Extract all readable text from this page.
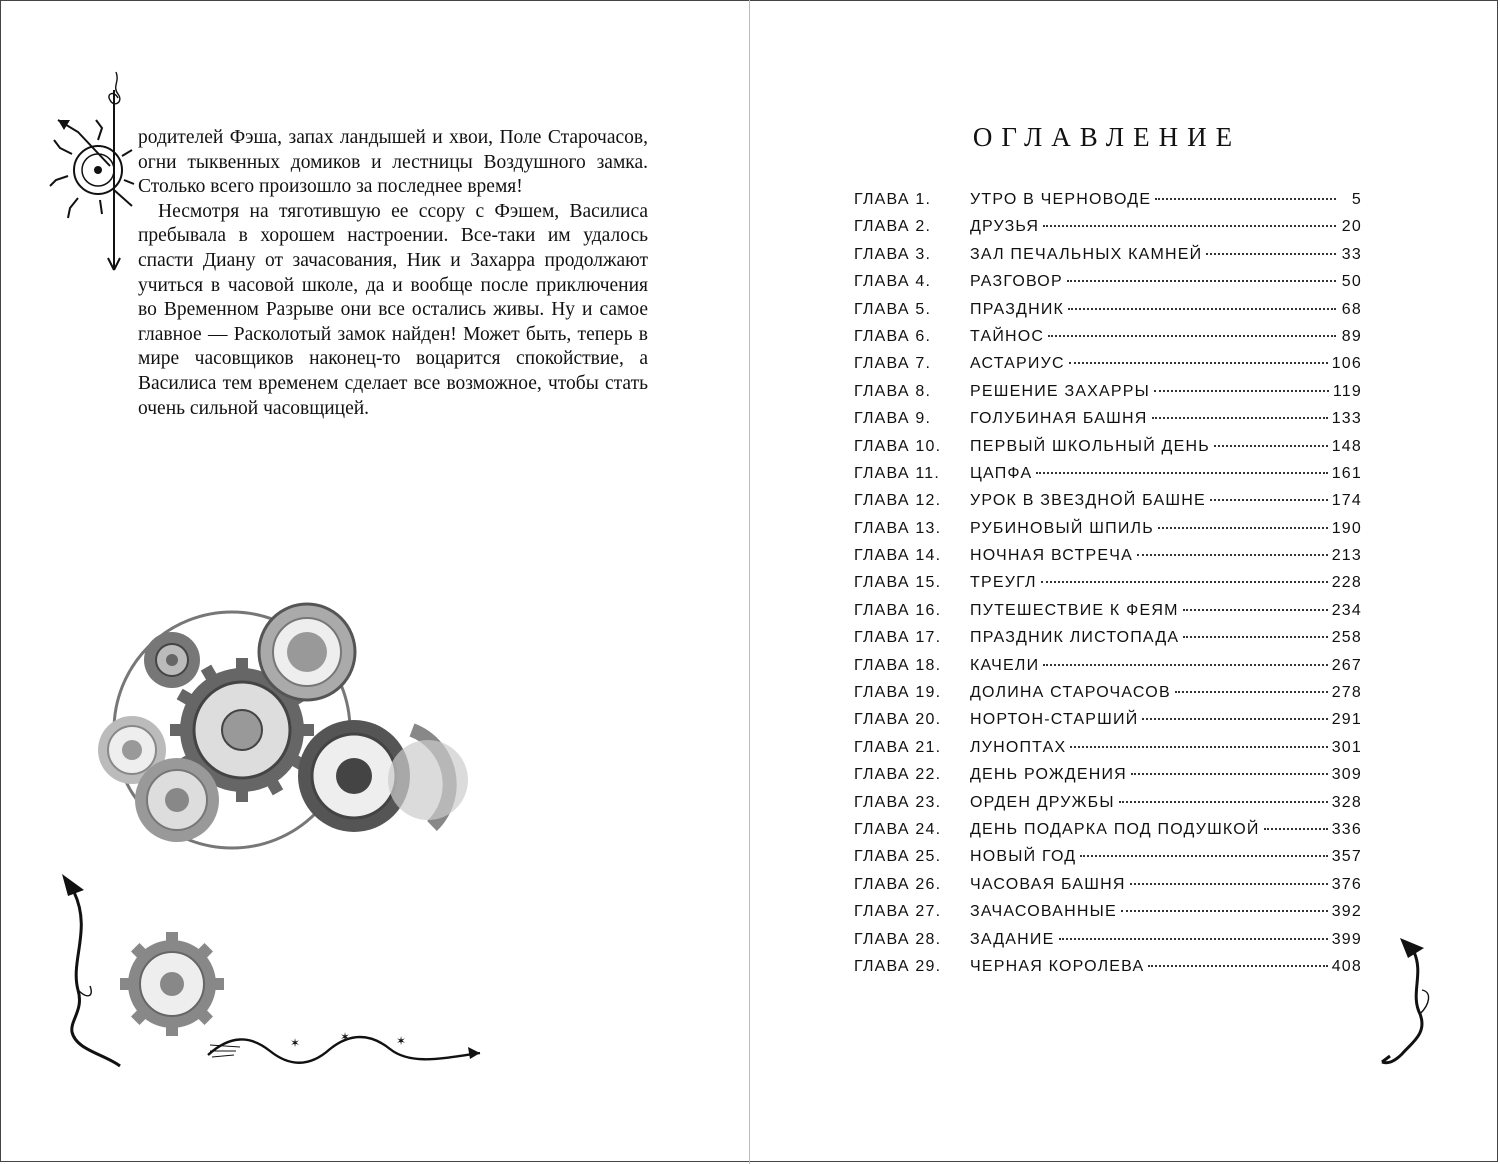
родителей Фэша, запах ландышей и хвои, Поле Старочасов, огни тыквенных домиков и лестницы Воздушного замка. Столько всего произошло за последнее время!

Несмотря на тяготившую ее ссору с Фэшем, Василиса пребывала в хорошем настроении. Все-таки им удалось спасти Диану от зачасования, Ник и Захарра продолжают учиться в часовой школе, да и вообще после приключения во Временном Разрыве они все остались живы. Ну и самое главное — Расколотый замок найден! Может быть, теперь в мире часовщиков наконец-то воцарится спокойствие, а Василиса тем временем сделает все возможное, чтобы стать очень сильной часовщицей.

✶	✶	✶
ОГЛАВЛЕНИЕ
ГЛАВА 1.	УТРО В ЧЕРНОВОДЕ	5
ГЛАВА 2.	ДРУЗЬЯ	20
ГЛАВА 3.	ЗАЛ ПЕЧАЛЬНЫХ КАМНЕЙ	33
ГЛАВА 4.	РАЗГОВОР	50
ГЛАВА 5.	ПРАЗДНИК	68
ГЛАВА 6.	ТАЙНОС	89
ГЛАВА 7.	АСТАРИУС	106
ГЛАВА 8.	РЕШЕНИЕ ЗАХАРРЫ	119
ГЛАВА 9.	ГОЛУБИНАЯ БАШНЯ	133
ГЛАВА 10.	ПЕРВЫЙ ШКОЛЬНЫЙ ДЕНЬ	148
ГЛАВА 11.	ЦАПФА	161
ГЛАВА 12.	УРОК В ЗВЕЗДНОЙ БАШНЕ	174
ГЛАВА 13.	РУБИНОВЫЙ ШПИЛЬ	190
ГЛАВА 14.	НОЧНАЯ ВСТРЕЧА	213
ГЛАВА 15.	ТРЕУГЛ	228
ГЛАВА 16.	ПУТЕШЕСТВИЕ К ФЕЯМ	234
ГЛАВА 17.	ПРАЗДНИК ЛИСТОПАДА	258
ГЛАВА 18.	КАЧЕЛИ	267
ГЛАВА 19.	ДОЛИНА СТАРОЧАСОВ	278
ГЛАВА 20.	НОРТОН-СТАРШИЙ	291
ГЛАВА 21.	ЛУНОПТАХ	301
ГЛАВА 22.	ДЕНЬ РОЖДЕНИЯ	309
ГЛАВА 23.	ОРДЕН ДРУЖБЫ	328
ГЛАВА 24.	ДЕНЬ ПОДАРКА ПОД ПОДУШКОЙ	336
ГЛАВА 25.	НОВЫЙ ГОД	357
ГЛАВА 26.	ЧАСОВАЯ БАШНЯ	376
ГЛАВА 27.	ЗАЧАСОВАННЫЕ	392
ГЛАВА 28.	ЗАДАНИЕ	399
ГЛАВА 29.	ЧЕРНАЯ КОРОЛЕВА	408
